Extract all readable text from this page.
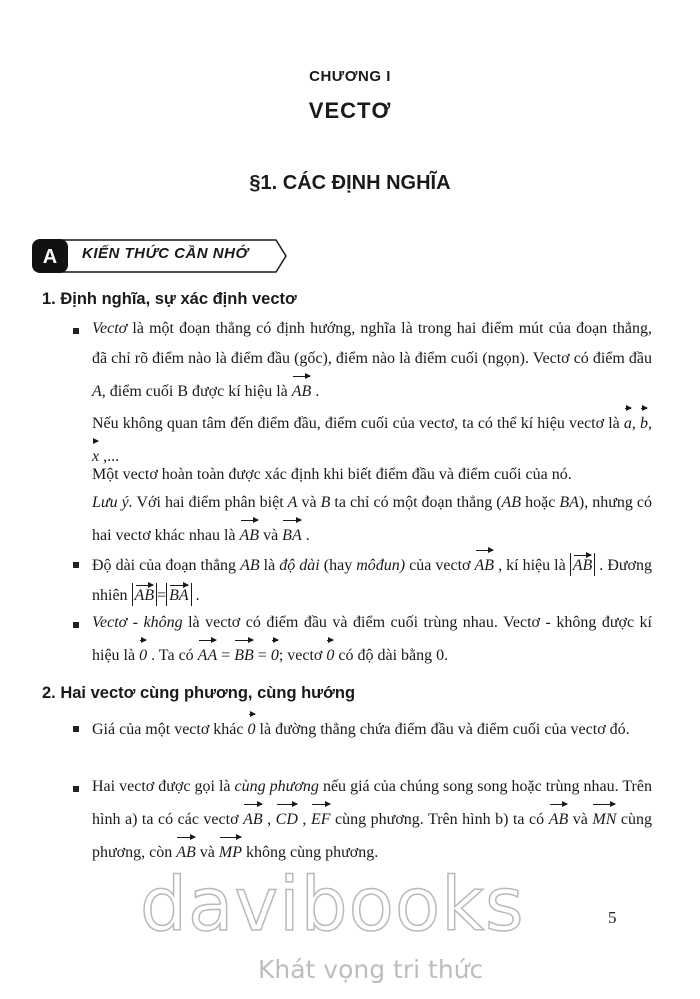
CHƯƠNG I
VECTƠ
§1. CÁC ĐỊNH NGHĨA
A KIẾN THỨC CẦN NHỚ
1. Định nghĩa, sự xác định vectơ
Vectơ là một đoạn thẳng có định hướng, nghĩa là trong hai điểm mút của đoạn thẳng, đã chỉ rõ điểm nào là điểm đầu (gốc), điểm nào là điểm cuối (ngọn). Vectơ có điểm đầu A, điểm cuối B được kí hiệu là AB .
Nếu không quan tâm đến điểm đầu, điểm cuối của vectơ, ta có thể kí hiệu vectơ là a, b, x ,...
Một vectơ hoàn toàn được xác định khi biết điểm đầu và điểm cuối của nó.
Lưu ý. Với hai điểm phân biệt A và B ta chỉ có một đoạn thẳng (AB hoặc BA), nhưng có hai vectơ khác nhau là AB và BA .
Độ dài của đoạn thẳng AB là độ dài (hay môđun) của vectơ AB , kí hiệu là AB . Đương nhiên AB = BA .
Vectơ - không là vectơ có điểm đầu và điểm cuối trùng nhau. Vectơ - không được kí hiệu là 0 . Ta có AA = BB = 0; vectơ 0 có độ dài bằng 0.
2. Hai vectơ cùng phương, cùng hướng
Giá của một vectơ khác 0 là đường thẳng chứa điểm đầu và điểm cuối của vectơ đó.
Hai vectơ được gọi là cùng phương nếu giá của chúng song song hoặc trùng nhau. Trên hình a) ta có các vectơ AB , CD , EF cùng phương. Trên hình b) ta có AB và MN cùng phương, còn AB và MP không cùng phương.
5
davibooks
Khát vọng tri thức
